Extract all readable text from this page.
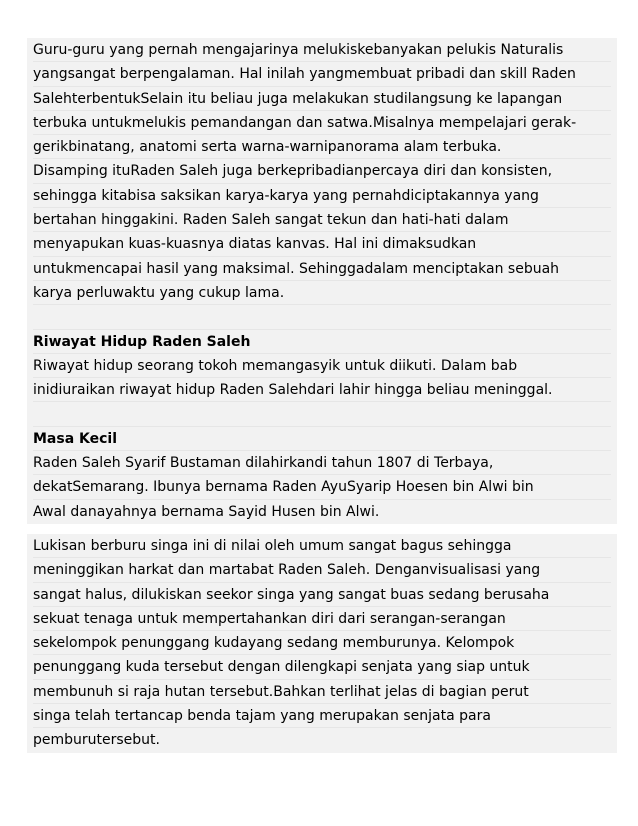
Guru-guru yang pernah mengajarinya melukiskebanyakan pelukis Naturalis
yangsangat berpengalaman. Hal inilah yangmembuat pribadi dan skill Raden
SalehterbentukSelain itu beliau juga melakukan studilangsung ke lapangan
terbuka untukmelukis pemandangan dan satwa.Misalnya mempelajari gerak-
gerikbinatang, anatomi serta warna-warnipanorama alam terbuka.
Disamping ituRaden Saleh juga berkepribadianpercaya diri dan konsisten,
sehingga kitabisa saksikan karya-karya yang pernahdiciptakannya yang
bertahan hinggakini. Raden Saleh sangat tekun dan hati-hati dalam
menyapukan kuas-kuasnya diatas kanvas. Hal ini dimaksudkan
untukmencapai hasil yang maksimal. Sehinggadalam menciptakan sebuah
karya perluwaktu yang cukup lama.
Riwayat Hidup Raden Saleh
Riwayat hidup seorang tokoh memangasyik untuk diikuti. Dalam bab
inidiuraikan riwayat hidup Raden Salehdari lahir hingga beliau meninggal.
Masa Kecil
Raden Saleh Syarif Bustaman dilahirkandi tahun 1807 di Terbaya,
dekatSemarang. Ibunya bernama Raden AyuSyarip Hoesen bin Alwi bin
Awal danayahnya bernama Sayid Husen bin Alwi.
Lukisan berburu singa ini di nilai oleh umum sangat bagus sehingga
meninggikan harkat dan martabat Raden Saleh. Denganvisualisasi yang
sangat halus, dilukiskan seekor singa yang sangat buas sedang berusaha
sekuat tenaga untuk mempertahankan diri dari serangan-serangan
sekelompok penunggang kudayang sedang memburunya. Kelompok
penunggang kuda tersebut dengan dilengkapi senjata yang siap untuk
membunuh si raja hutan tersebut.Bahkan terlihat jelas di bagian perut
singa telah tertancap benda tajam yang merupakan senjata para
pemburutersebut.
